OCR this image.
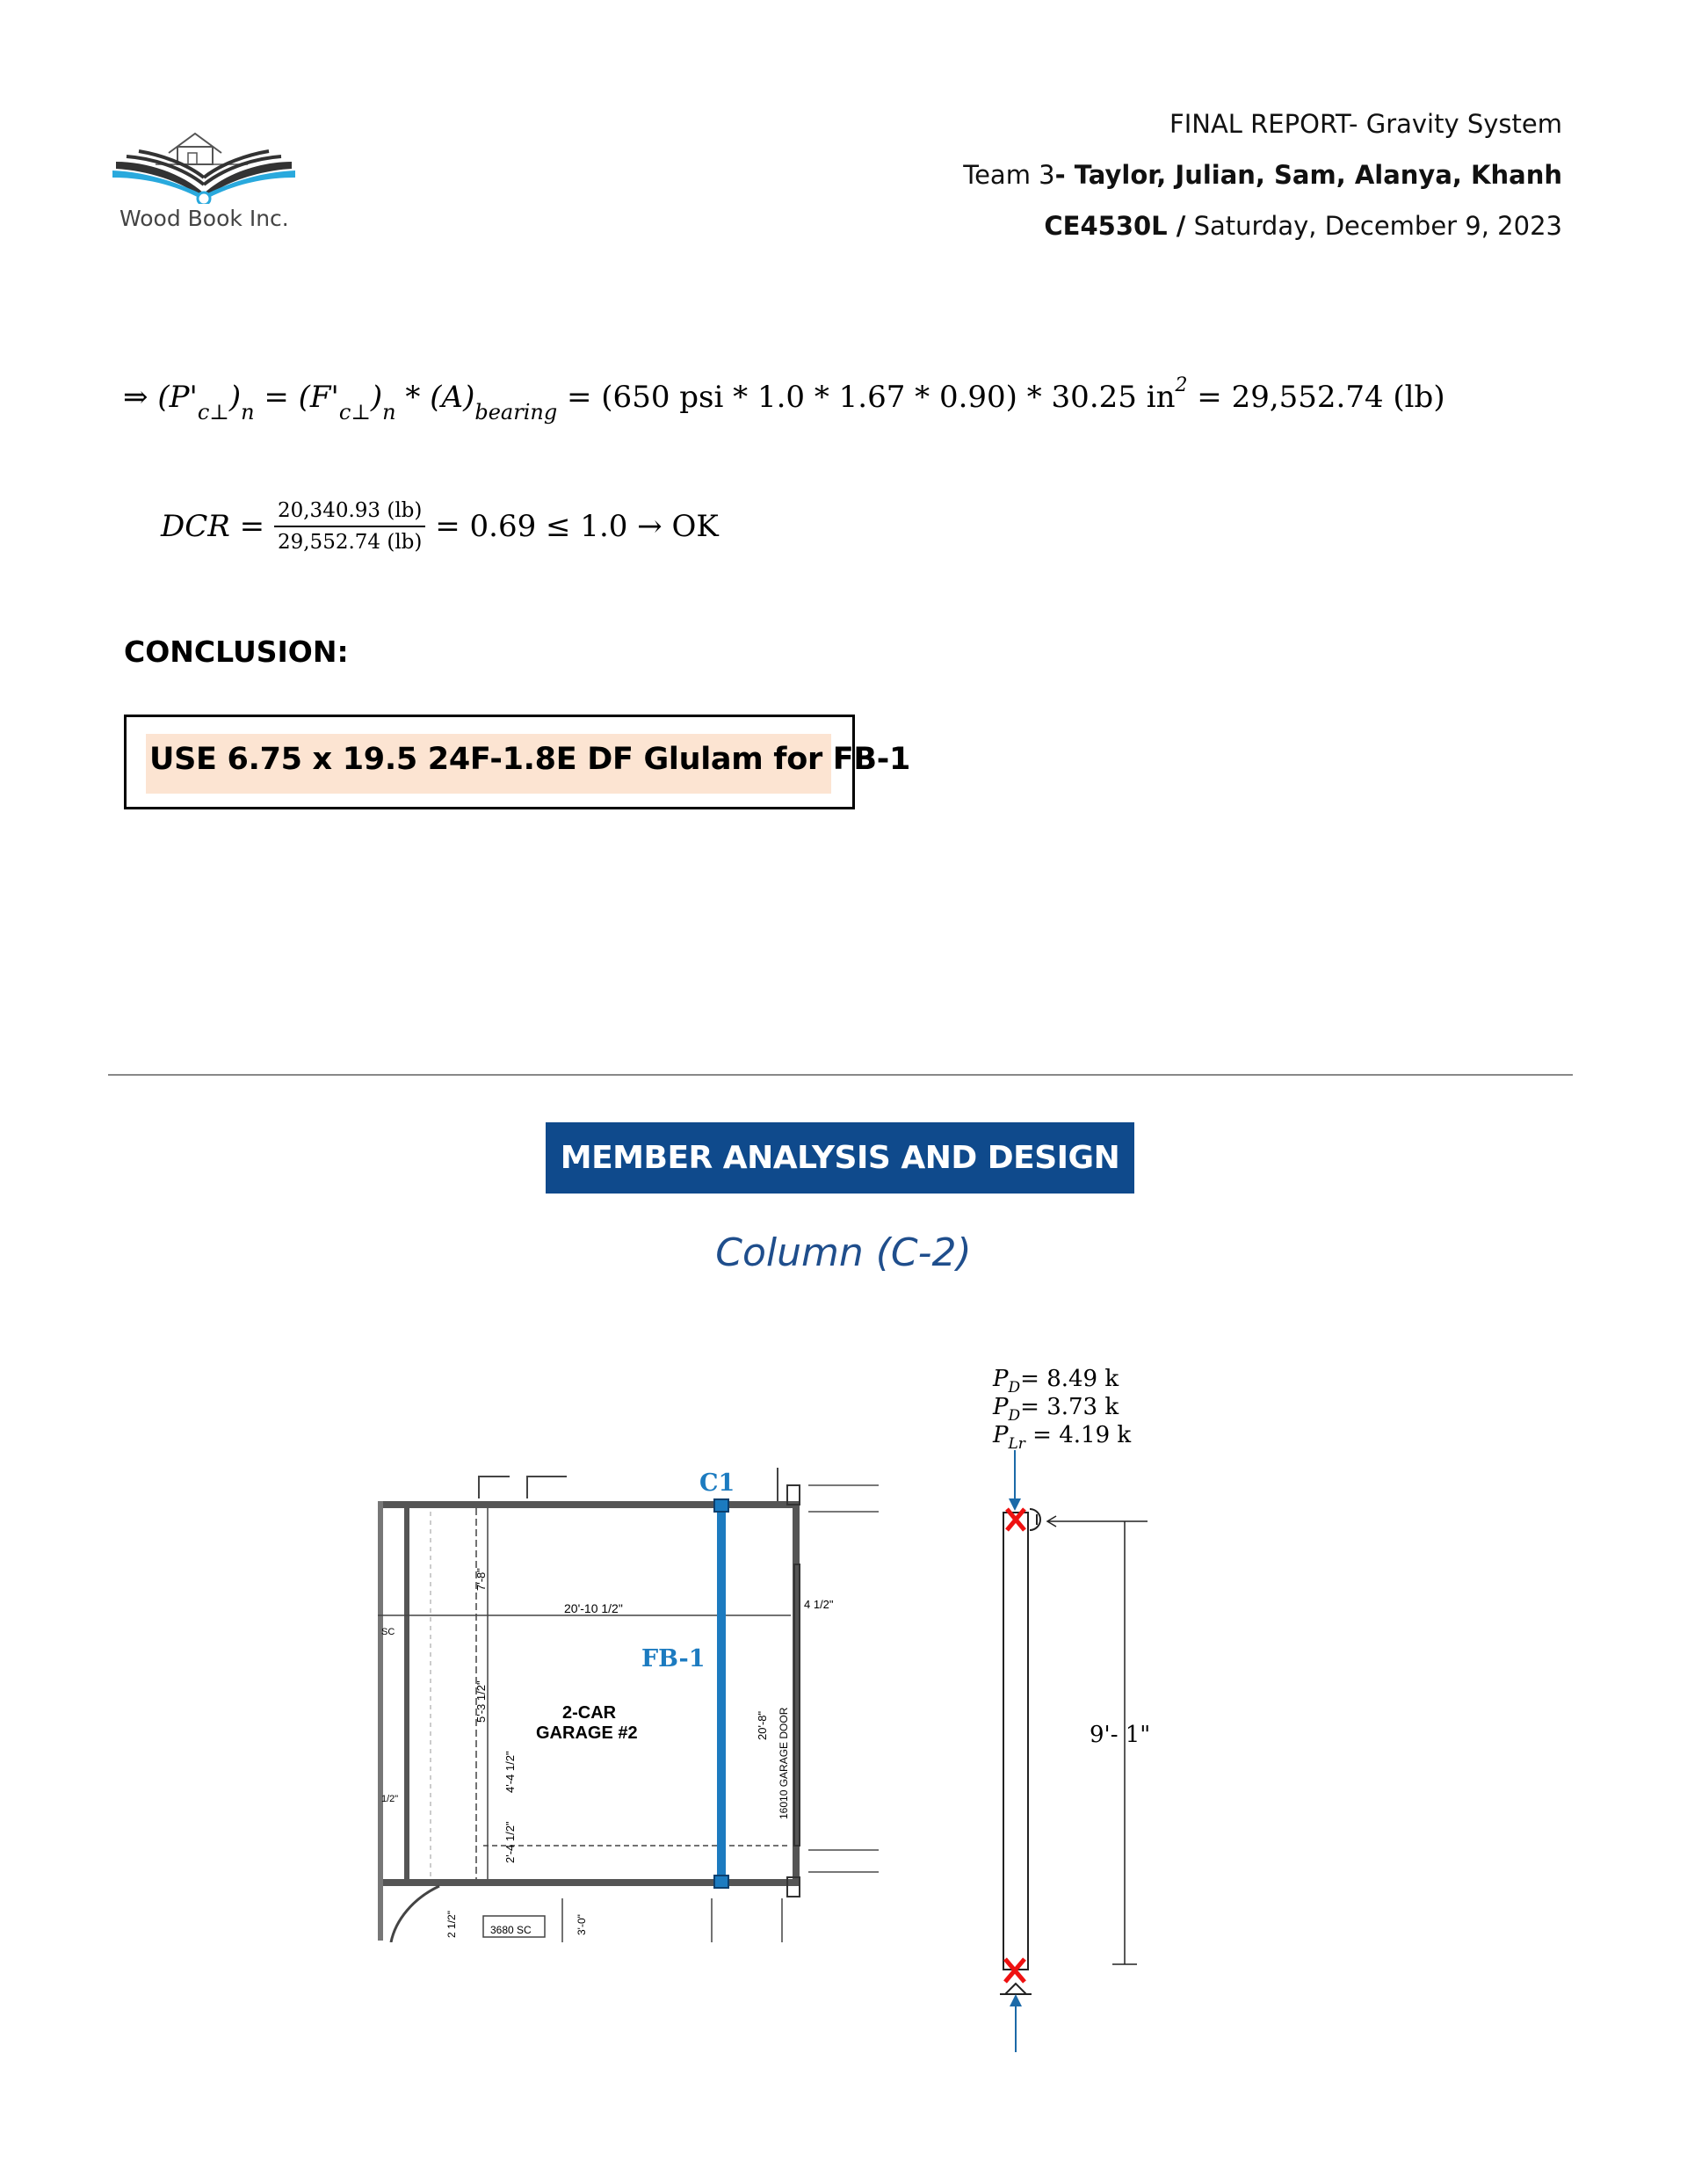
Wood Book Inc.
FINAL REPORT- Gravity System
Team 3- Taylor, Julian, Sam, Alanya, Khanh
CE4530L / Saturday, December 9, 2023
⇒ $(P'_{c\perp})_n = (F'_{c\perp})_n * (A)_{bearing} = (650$ psi * 1.0 * 1.67 * 0.90) * 30.25 $in^2 = 29,552.74$ (lb)
DCR = $\frac{20,340.93 (lb)}{29,552.74 (lb)} = 0.69 \le 1.0$ → OK
CONCLUSION:
USE 6.75 x 19.5 24F-1.8E DF Glulam for FB-1
MEMBER ANALYSIS AND DESIGN
Column (C-2)
20'-10 1/2"	4 1/2"
2-CAR
GARAGE #2
7'-8"
5'-3 1/2"
4'-4 1/2"
2'-4 1/2"
20'-8" 16010 GARAGE DOOR
3680 SC	3'-0"
2 1/2"
SC
1/2"
C1
FB-1
$P_D= 8.49$ k
$P_D= 3.73$ k
$P_{Lr} = 4.19$ k
9'- 1"
